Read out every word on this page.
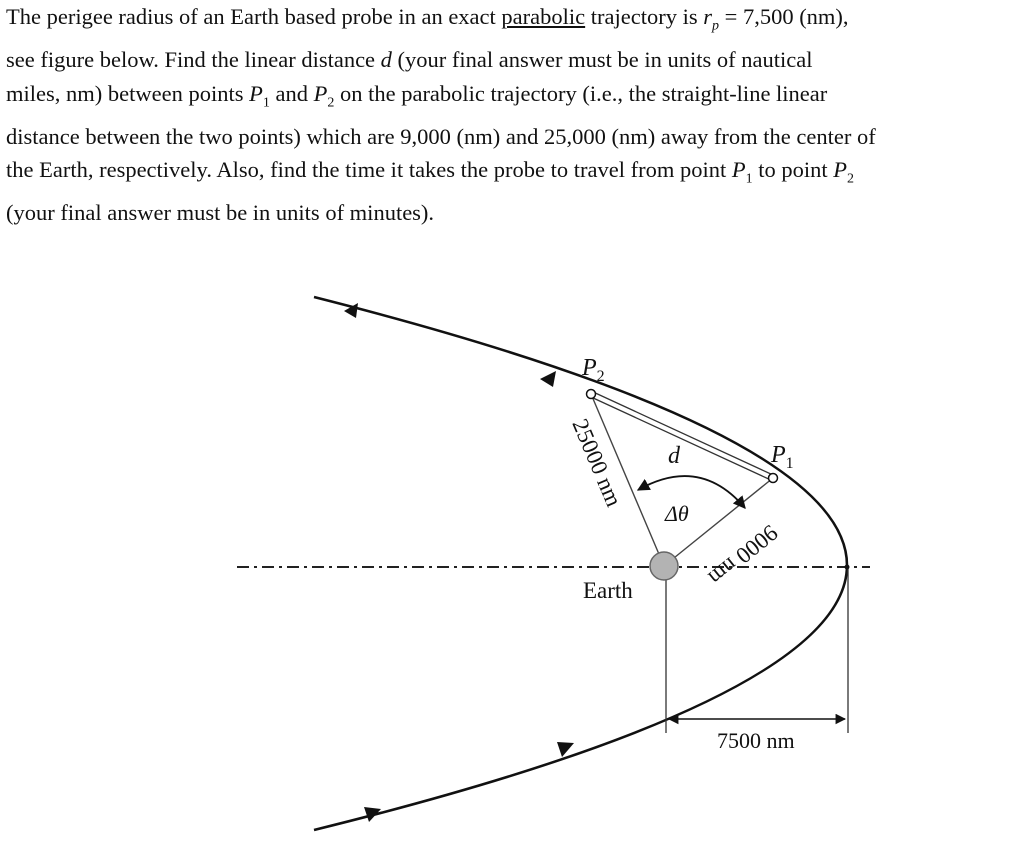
The perigee radius of an Earth based probe in an exact parabolic trajectory is $r_p = 7,500$ (nm),

see figure below. Find the linear distance d (your final answer must be in units of nautical

miles, nm) between points $P_1$ and $P_2$ on the parabolic trajectory (i.e., the straight-line linear

distance between the two points) which are 9,000 (nm) and 25,000 (nm) away from the center of

the Earth, respectively. Also, find the time it takes the probe to travel from point $P_1$ to point $P_2$

(your final answer must be in units of minutes).

$P_2$
$P_1$
d
Δθ
Earth
7500 nm
25000 nm
9000 nm
